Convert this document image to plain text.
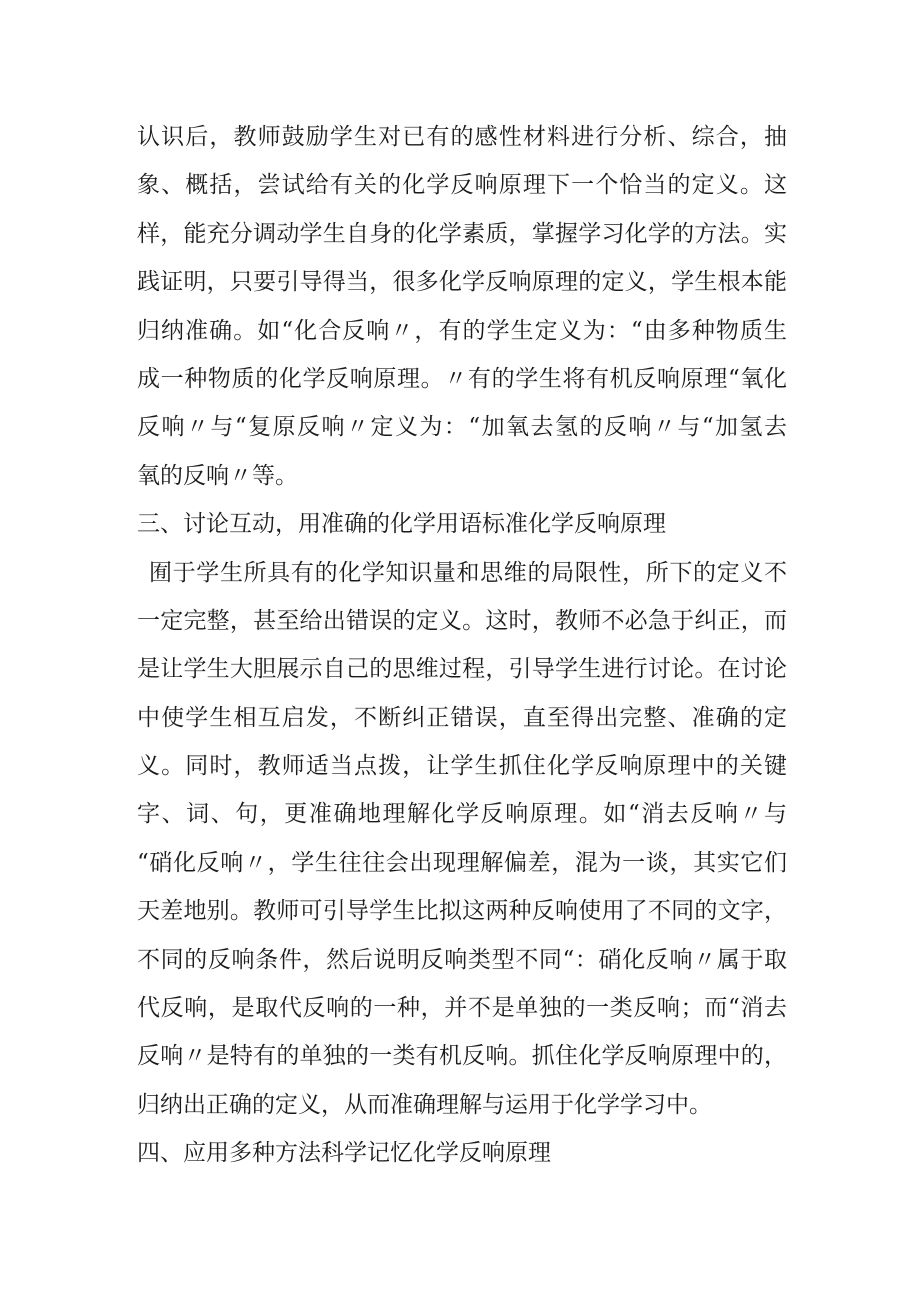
认识后，教师鼓励学生对已有的感性材料进行分析、综合，抽
象、概括，尝试给有关的化学反响原理下一个恰当的定义。这
样，能充分调动学生自身的化学素质，掌握学习化学的方法。实
践证明，只要引导得当，很多化学反响原理的定义，学生根本能
归纳准确。如“化合反响〃，有的学生定义为：“由多种物质生
成一种物质的化学反响原理。〃有的学生将有机反响原理“氧化
反响〃与“复原反响〃定义为：“加氧去氢的反响〃与“加氢去
氧的反响〃等。
三、讨论互动，用准确的化学用语标准化学反响原理
囿于学生所具有的化学知识量和思维的局限性，所下的定义不
一定完整，甚至给出错误的定义。这时，教师不必急于纠正，而
是让学生大胆展示自己的思维过程，引导学生进行讨论。在讨论
中使学生相互启发，不断纠正错误，直至得出完整、准确的定
义。同时，教师适当点拨，让学生抓住化学反响原理中的关键
字、词、句，更准确地理解化学反响原理。如“消去反响〃与
“硝化反响〃，学生往往会出现理解偏差，混为一谈，其实它们
天差地别。教师可引导学生比拟这两种反响使用了不同的文字，
不同的反响条件，然后说明反响类型不同“：硝化反响〃属于取
代反响，是取代反响的一种，并不是单独的一类反响；而“消去
反响〃是特有的单独的一类有机反响。抓住化学反响原理中的，
归纳出正确的定义，从而准确理解与运用于化学学习中。
四、应用多种方法科学记忆化学反响原理
